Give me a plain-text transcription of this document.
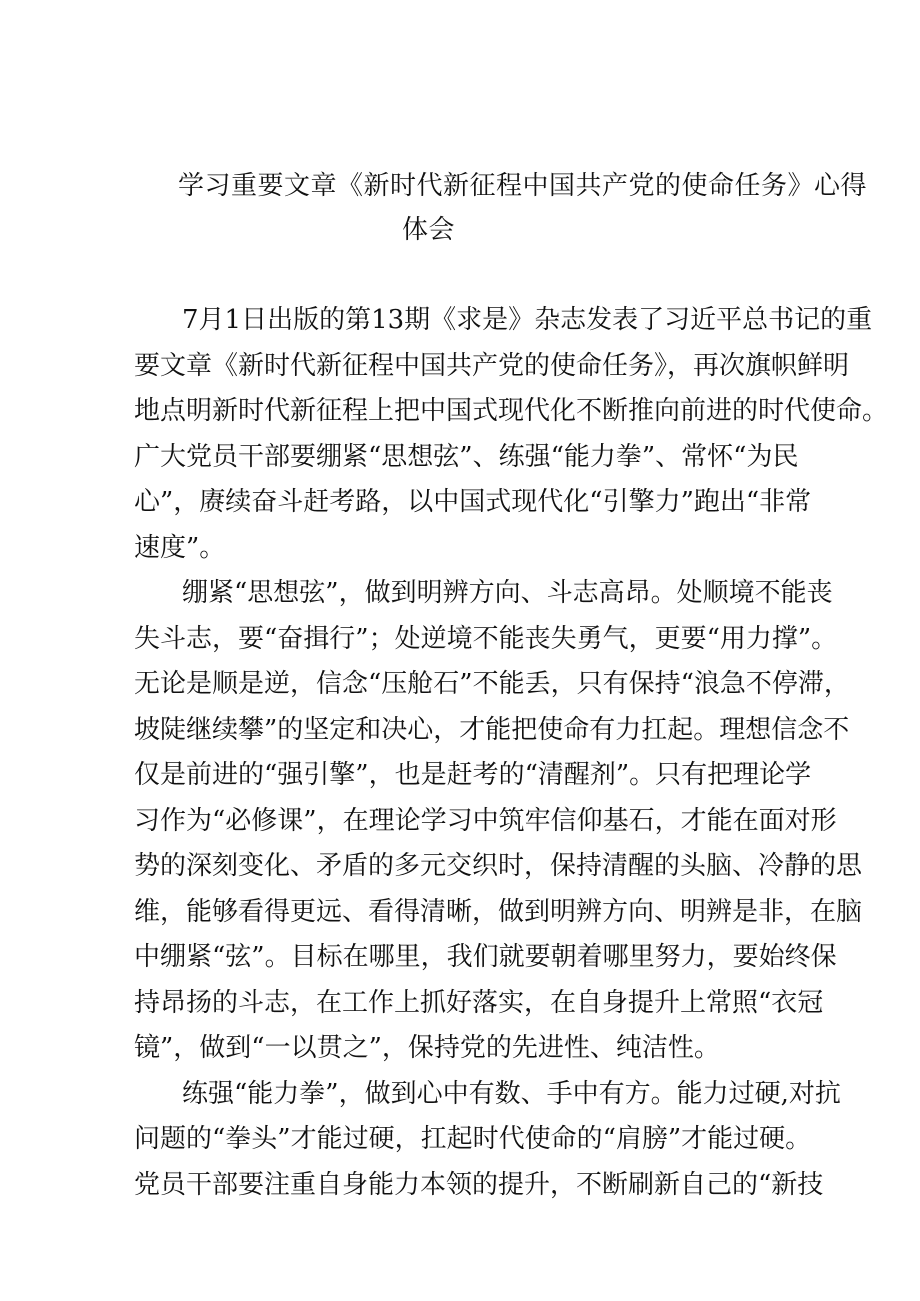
学习重要文章《新时代新征程中国共产党的使命任务》心得
体会

7月1日出版的第13期《求是》杂志发表了习近平总书记的重
要文章《新时代新征程中国共产党的使命任务》，再次旗帜鲜明
地点明新时代新征程上把中国式现代化不断推向前进的时代使命。
广大党员干部要绷紧“思想弦”、练强“能力拳”、常怀“为民
心”，赓续奋斗赶考路，以中国式现代化“引擎力”跑出“非常
速度”。

绷紧“思想弦”，做到明辨方向、斗志高昂。处顺境不能丧
失斗志，要“奋揖行”；处逆境不能丧失勇气，更要“用力撑”。
无论是顺是逆，信念“压舱石”不能丢，只有保持“浪急不停滞，
坡陡继续攀”的坚定和决心，才能把使命有力扛起。理想信念不
仅是前进的“强引擎”，也是赶考的“清醒剂”。只有把理论学
习作为“必修课”，在理论学习中筑牢信仰基石，才能在面对形
势的深刻变化、矛盾的多元交织时，保持清醒的头脑、冷静的思
维，能够看得更远、看得清晰，做到明辨方向、明辨是非，在脑
中绷紧“弦”。目标在哪里，我们就要朝着哪里努力，要始终保
持昂扬的斗志，在工作上抓好落实，在自身提升上常照“衣冠
镜”，做到“一以贯之”，保持党的先进性、纯洁性。

练强“能力拳”，做到心中有数、手中有方。能力过硬,对抗
问题的“拳头”才能过硬，扛起时代使命的“肩膀”才能过硬。
党员干部要注重自身能力本领的提升，不断刷新自己的“新技
